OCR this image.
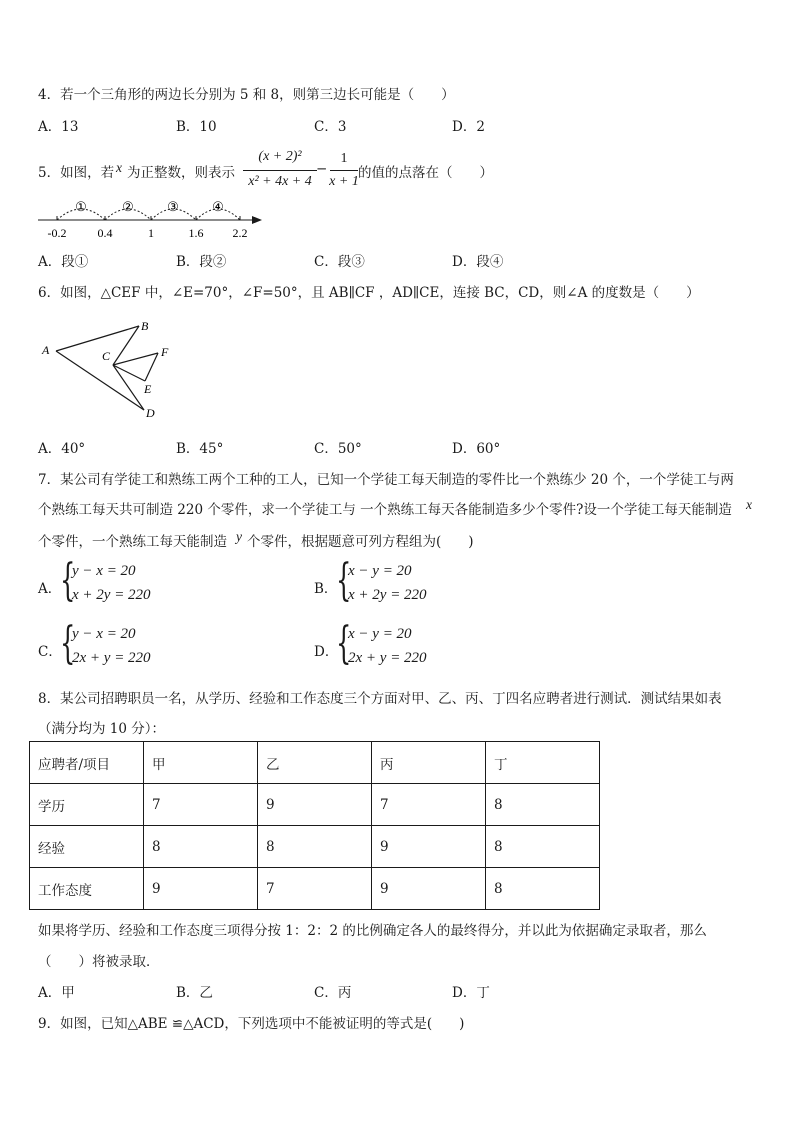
4．若一个三角形的两边长分别为 5 和 8，则第三边长可能是（　　）
A．13	B．10	C．3	D．2
5．如图，若 x 为正整数，则表示
(x + 2)²
x² + 4x + 4
−
1
x + 1
的值的点落在（　　）
①	②	③	④
-0.2	0.4	1	1.6 2.2
A．段①	B．段②	C．段③	D．段④
6．如图，△CEF 中，∠E=70°，∠F=50°，且 AB∥CF ，AD∥CE，连接 BC，CD，则∠A 的度数是（　　）
A
B
C	F
E
D
A．40°	B．45°	C．50°	D．60°
7．某公司有学徒工和熟练工两个工种的工人，已知一个学徒工每天制造的零件比一个熟练少 20 个，一个学徒工与两
个熟练工每天共可制造 220 个零件，求一个学徒工与 一个熟练工每天各能制造多少个零件?设一个学徒工每天能制造 x
个零件，一个熟练工每天能制造 y 个零件，根据题意可列方程组为(　　)
A．
{
y − x = 20
x + 2y = 220	B．
{
x − y = 20
x + 2y = 220
C．
{
y − x = 20
2x + y = 220	D．
{
x − y = 20
2x + y = 220
8．某公司招聘职员一名，从学历、经验和工作态度三个方面对甲、乙、丙、丁四名应聘者进行测试．测试结果如表
（满分均为 10 分）：
应聘者/项目	甲	乙	丙	丁
学历	7	9	7	8
经验	8	8	9	8
工作态度	9	7	9	8
如果将学历、经验和工作态度三项得分按 1：2：2 的比例确定各人的最终得分，并以此为依据确定录取者，那么
（　　）将被录取．
A．甲	B．乙	C．丙	D．丁
9．如图，已知△ABE ≌△ACD，下列选项中不能被证明的等式是(　　)
